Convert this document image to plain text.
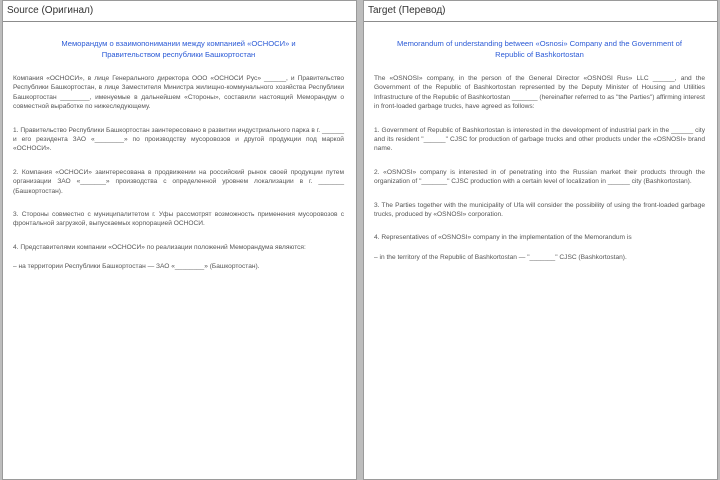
Source (Оригинал)
Меморандум о взаимопонимании между компанией «ОСНОСИ» и Правительством республики Башкортостан

Компания «ОСНОСИ», в лице Генерального директора ООО «ОСНОСИ Рус» ______, и Правительство Республики Башкортостан, в лице Заместителя Министра жилищно-коммунального хозяйства Республики Башкортостан ________, именуемые в дальнейшем «Стороны», составили настоящий Меморандум о совместной выработке по нижеследующему.

1. Правительство Республики Башкортостан заинтересовано в развитии индустриального парка в г. ______ и его резидента ЗАО «________» по производству мусоровозов и другой продукции под маркой «ОСНОСИ».

2. Компания «ОСНОСИ» заинтересована в продвижении на российский рынок своей продукции путем организации ЗАО «_______» производства с определенной уровнем локализации в г. _______ (Башкортостан).

3. Стороны совместно с муниципалитетом г. Уфы рассмотрят возможность применения мусоровозов с фронтальной загрузкой, выпускаемых корпорацией ОСНОСИ.

4. Представителями компании «ОСНОСИ» по реализации положений Меморандума являются:

– на территории Республики Башкортостан — ЗАО «________» (Башкортостан).

Target (Перевод)
Memorandum of understanding between «Osnosi» Company and the Government of Republic of Bashkortostan

The «OSNOSI» company, in the person of the General Director «OSNOSI Rus» LLC ______, and the Government of the Republic of Bashkortostan represented by the Deputy Minister of Housing and Utilities Infrastructure of the Republic of Bashkortostan _______ (hereinafter referred to as "the Parties") affirming interest in front-loaded garbage trucks, have agreed as follows:

1. Government of Republic of Bashkortostan is interested in the development of industrial park in the ______ city and its resident "______" CJSC for production of garbage trucks and other products under the «OSNOSI» brand name.

2. «OSNOSI» company is interested in of penetrating into the Russian market their products through the organization of "_______" CJSC production with a certain level of localization in ______ city (Bashkortostan).

3. The Parties together with the municipality of Ufa will consider the possibility of using the front-loaded garbage trucks, produced by «OSNOSI» corporation.

4. Representatives of «OSNOSI» company in the implementation of the Memorandum is

– in the territory of the Republic of Bashkortostan — "_______" CJSC (Bashkortostan).
